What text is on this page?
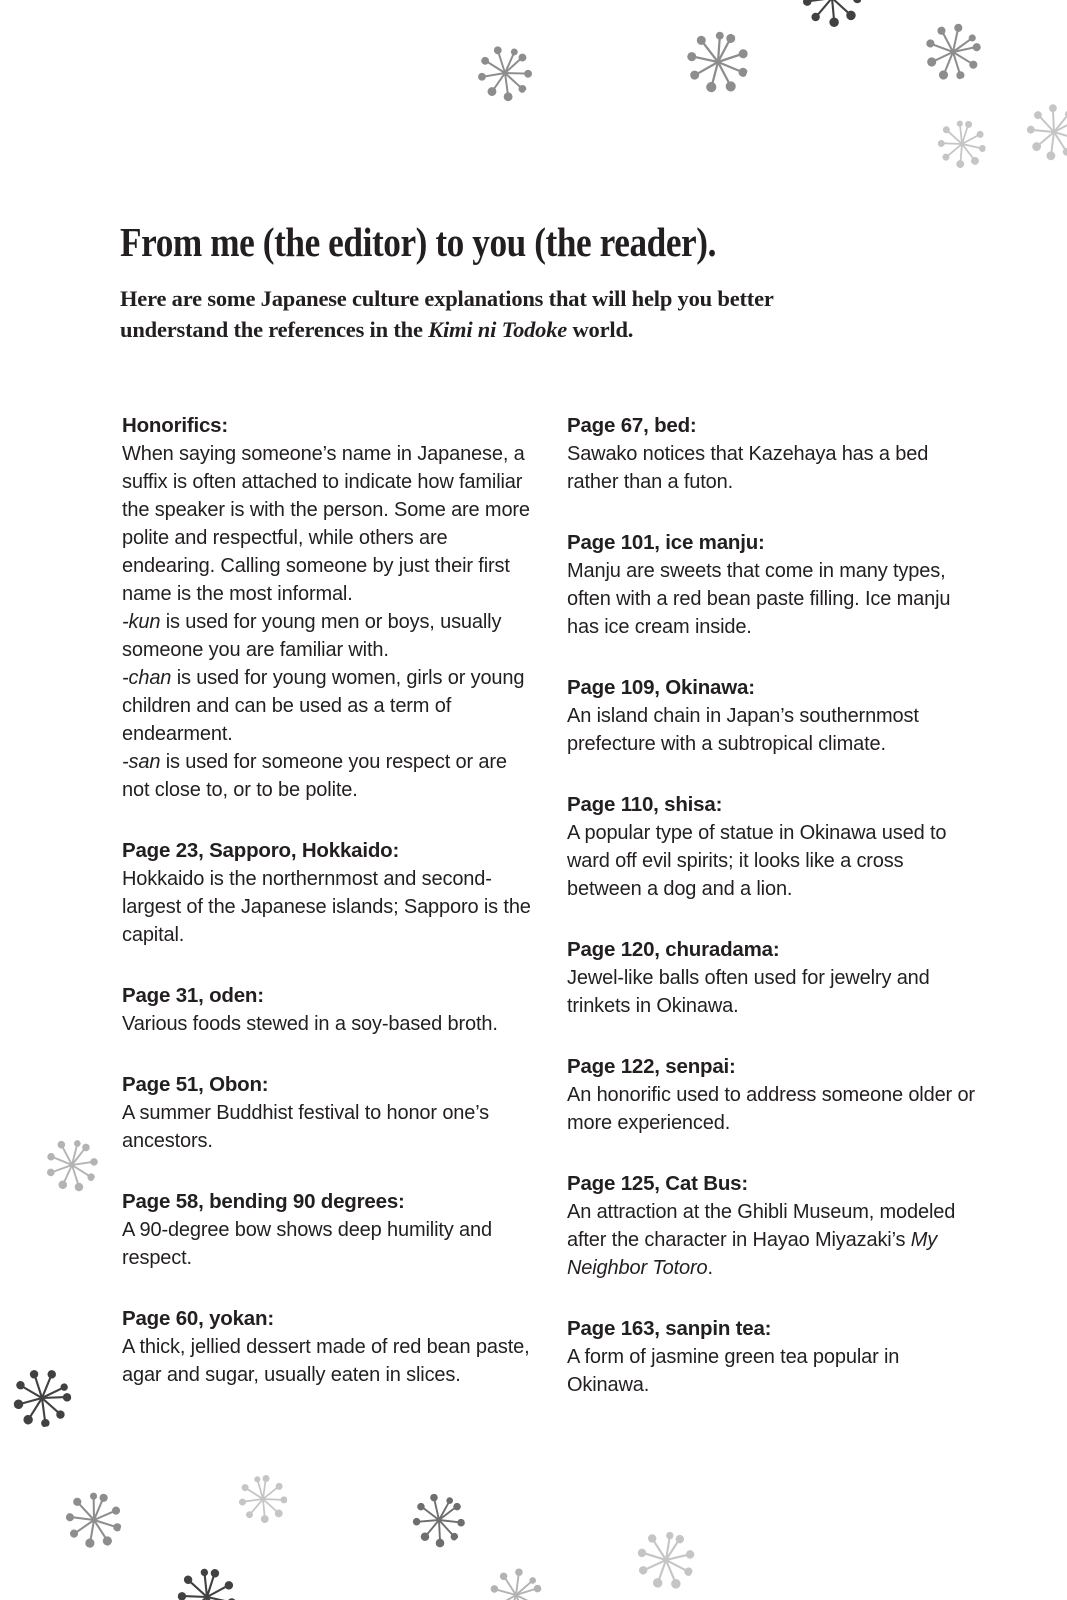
From me (the editor) to you (the reader).

Here are some Japanese culture explanations that will help you better
understand the references in the Kimi ni Todoke world.

Honorifics:

When saying someone’s name in Japanese, a suffix is often attached to indicate how familiar the speaker is with the person. Some are more polite and respectful, while others are endearing. Calling someone by just their first name is the most informal.
-kun is used for young men or boys, usually someone you are familiar with.
-chan is used for young women, girls or young children and can be used as a term of endearment.
-san is used for someone you respect or are not close to, or to be polite.

Page 23, Sapporo, Hokkaido:

Hokkaido is the northernmost and second-largest of the Japanese islands; Sapporo is the capital.

Page 31, oden:

Various foods stewed in a soy-based broth.

Page 51, Obon:

A summer Buddhist festival to honor one’s ancestors.

Page 58, bending 90 degrees:

A 90-degree bow shows deep humility and respect.

Page 60, yokan:

A thick, jellied dessert made of red bean paste, agar and sugar, usually eaten in slices.

Page 67, bed:

Sawako notices that Kazehaya has a bed rather than a futon.

Page 101, ice manju:

Manju are sweets that come in many types, often with a red bean paste filling. Ice manju has ice cream inside.

Page 109, Okinawa:

An island chain in Japan’s southernmost prefecture with a subtropical climate.

Page 110, shisa:

A popular type of statue in Okinawa used to ward off evil spirits; it looks like a cross between a dog and a lion.

Page 120, churadama:

Jewel-like balls often used for jewelry and trinkets in Okinawa.

Page 122, senpai:

An honorific used to address someone older or more experienced.

Page 125, Cat Bus:

An attraction at the Ghibli Museum, modeled after the character in Hayao Miyazaki’s My Neighbor Totoro.

Page 163, sanpin tea:

A form of jasmine green tea popular in Okinawa.
